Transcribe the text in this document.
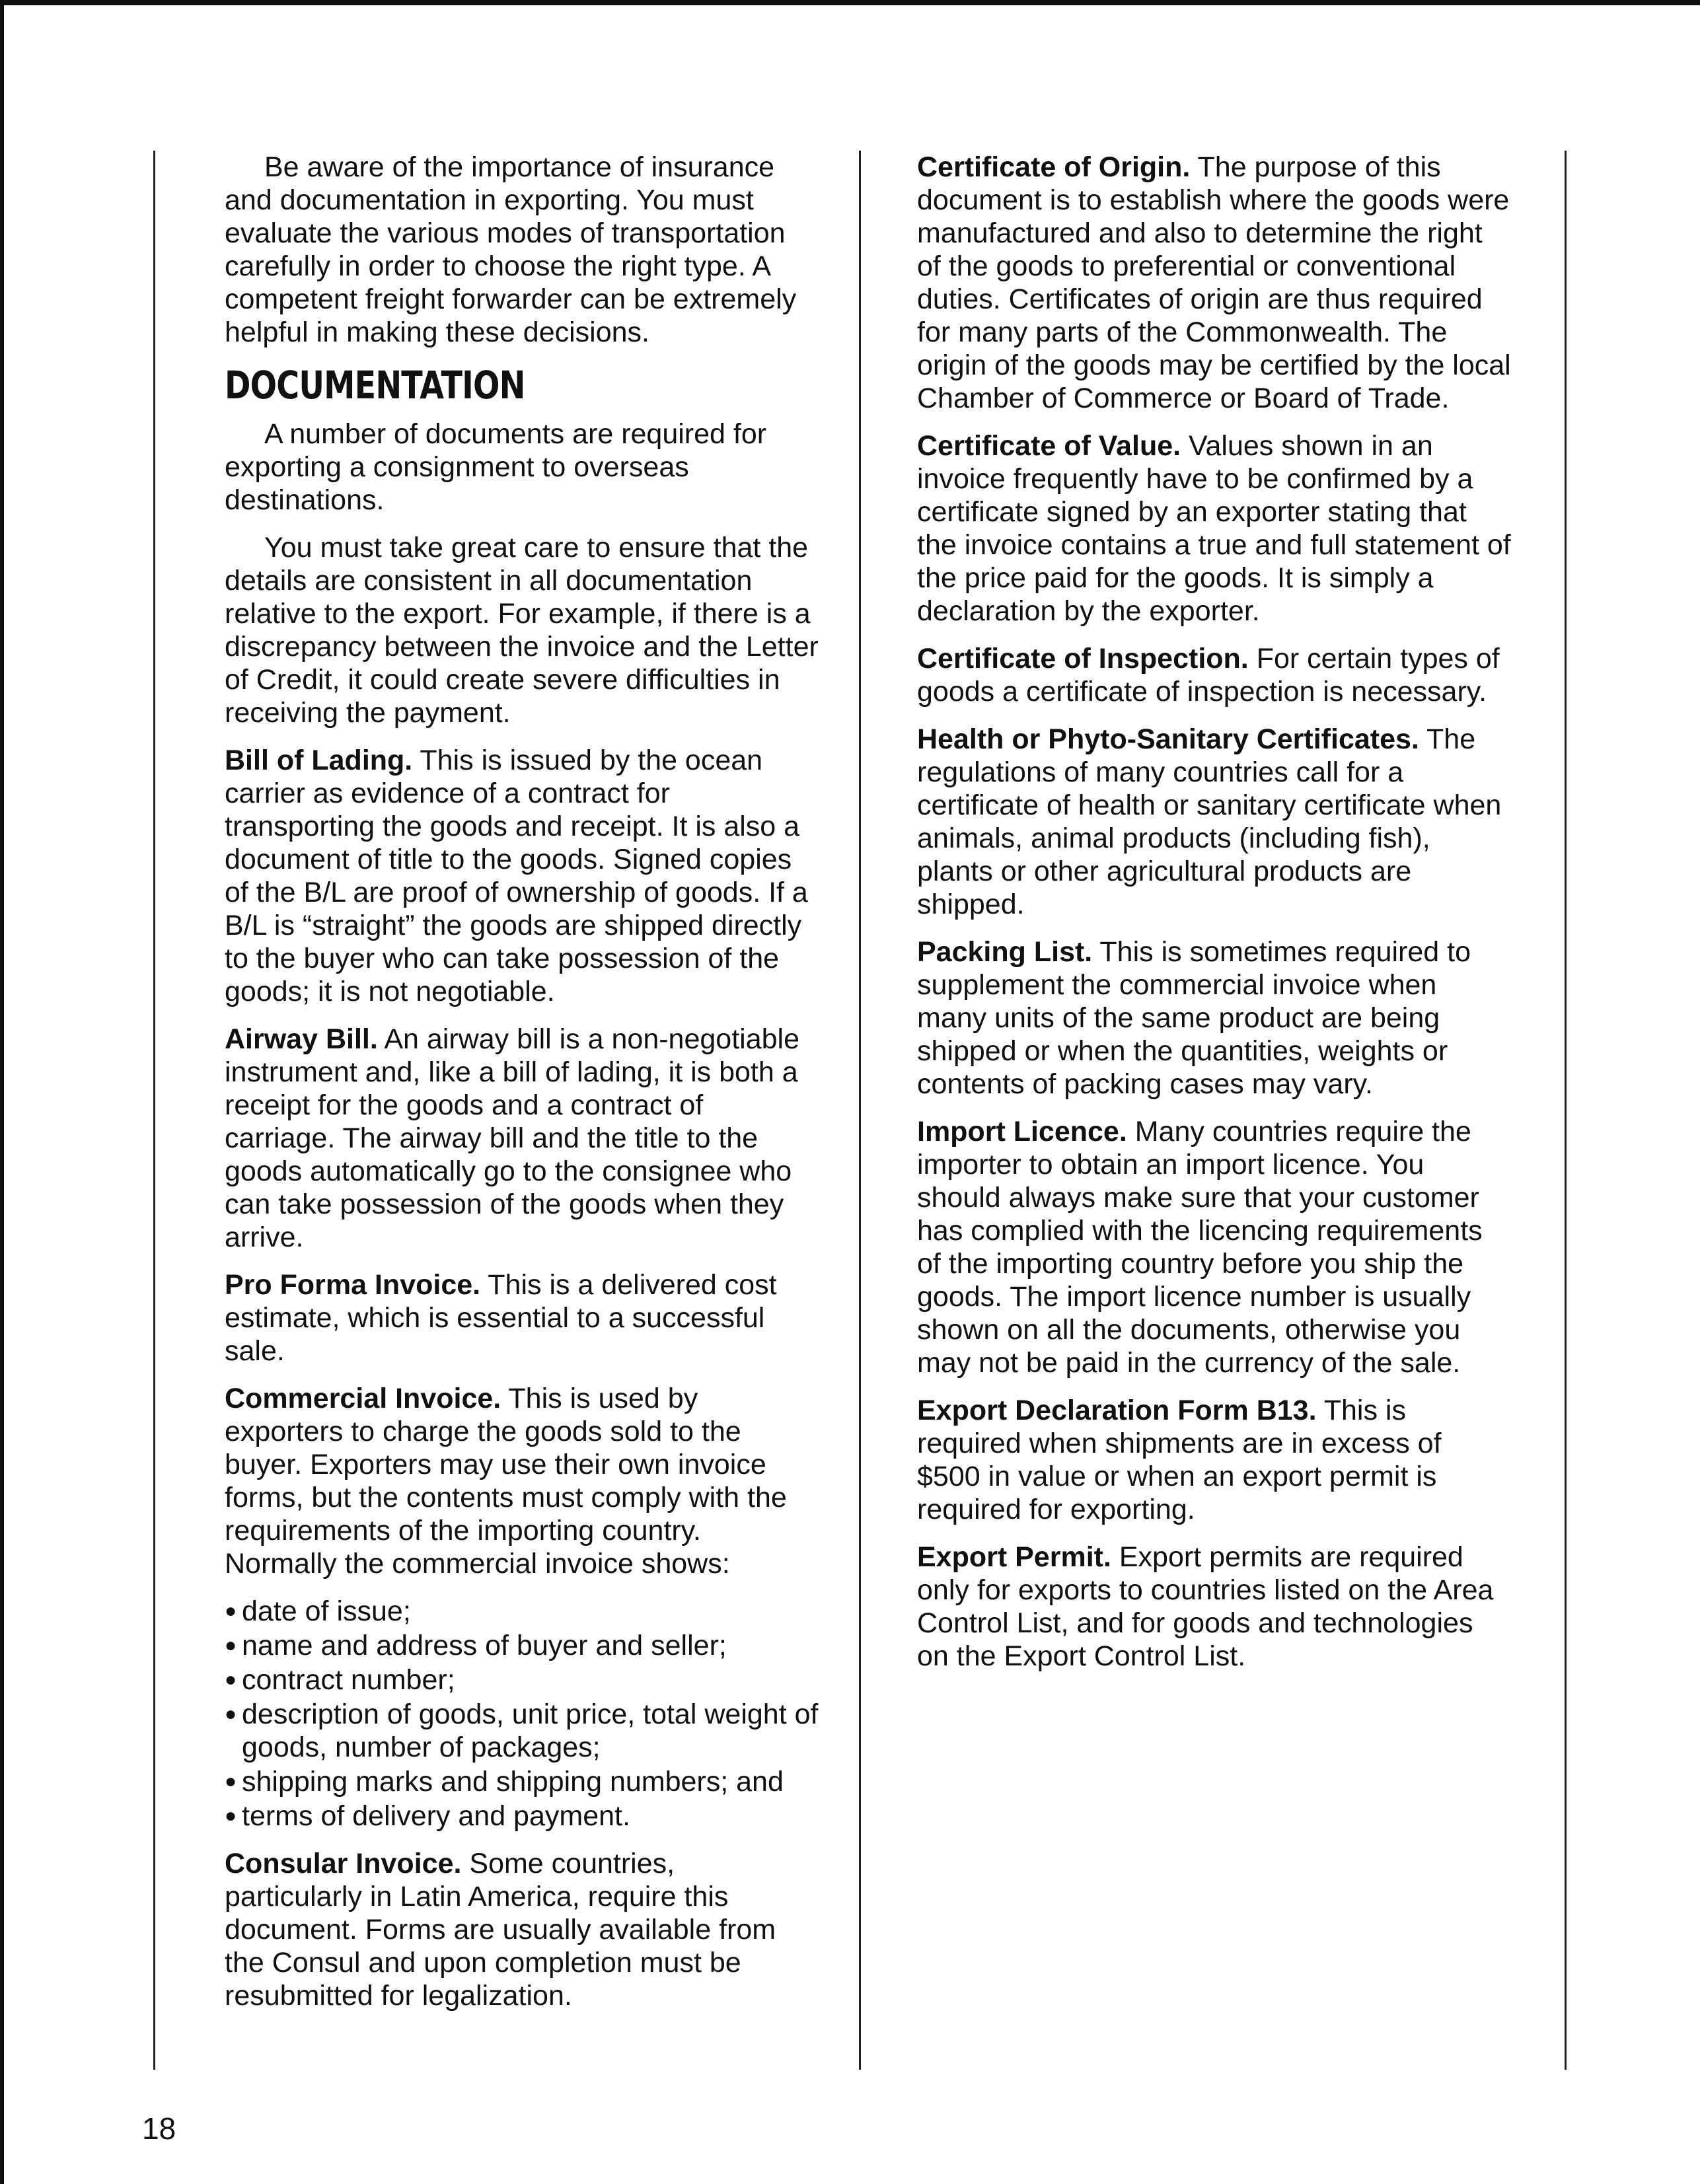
Be aware of the importance of insurance and documentation in exporting. You must evaluate the various modes of transportation carefully in order to choose the right type. A competent freight forwarder can be extremely helpful in making these decisions.

DOCUMENTATION

A number of documents are required for exporting a consignment to overseas destinations.

You must take great care to ensure that the details are consistent in all documentation relative to the export. For example, if there is a discrepancy between the invoice and the Letter of Credit, it could create severe difficulties in receiving the payment.

Bill of Lading. This is issued by the ocean carrier as evidence of a contract for transporting the goods and receipt. It is also a document of title to the goods. Signed copies of the B/L are proof of ownership of goods. If a B/L is “straight” the goods are shipped directly to the buyer who can take possession of the goods; it is not negotiable.

Airway Bill. An airway bill is a non-negotiable instrument and, like a bill of lading, it is both a receipt for the goods and a contract of carriage. The airway bill and the title to the goods automatically go to the consignee who can take possession of the goods when they arrive.

Pro Forma Invoice. This is a delivered cost estimate, which is essential to a successful sale.

Commercial Invoice. This is used by exporters to charge the goods sold to the buyer. Exporters may use their own invoice forms, but the contents must comply with the requirements of the importing country. Normally the commercial invoice shows:

● date of issue;
● name and address of buyer and seller;
● contract number;
● description of goods, unit price, total weight of goods, number of packages;
● shipping marks and shipping numbers; and
● terms of delivery and payment.

Consular Invoice. Some countries, particularly in Latin America, require this document. Forms are usually available from the Consul and upon completion must be resubmitted for legalization.

Certificate of Origin. The purpose of this document is to establish where the goods were manufactured and also to determine the right of the goods to preferential or conventional duties. Certificates of origin are thus required for many parts of the Commonwealth. The origin of the goods may be certified by the local Chamber of Commerce or Board of Trade.

Certificate of Value. Values shown in an invoice frequently have to be confirmed by a certificate signed by an exporter stating that the invoice contains a true and full statement of the price paid for the goods. It is simply a declaration by the exporter.

Certificate of Inspection. For certain types of goods a certificate of inspection is necessary.

Health or Phyto-Sanitary Certificates. The regulations of many countries call for a certificate of health or sanitary certificate when animals, animal products (including fish), plants or other agricultural products are shipped.

Packing List. This is sometimes required to supplement the commercial invoice when many units of the same product are being shipped or when the quantities, weights or contents of packing cases may vary.

Import Licence. Many countries require the importer to obtain an import licence. You should always make sure that your customer has complied with the licencing requirements of the importing country before you ship the goods. The import licence number is usually shown on all the documents, otherwise you may not be paid in the currency of the sale.

Export Declaration Form B13. This is required when shipments are in excess of $500 in value or when an export permit is required for exporting.

Export Permit. Export permits are required only for exports to countries listed on the Area Control List, and for goods and technologies on the Export Control List.

18
